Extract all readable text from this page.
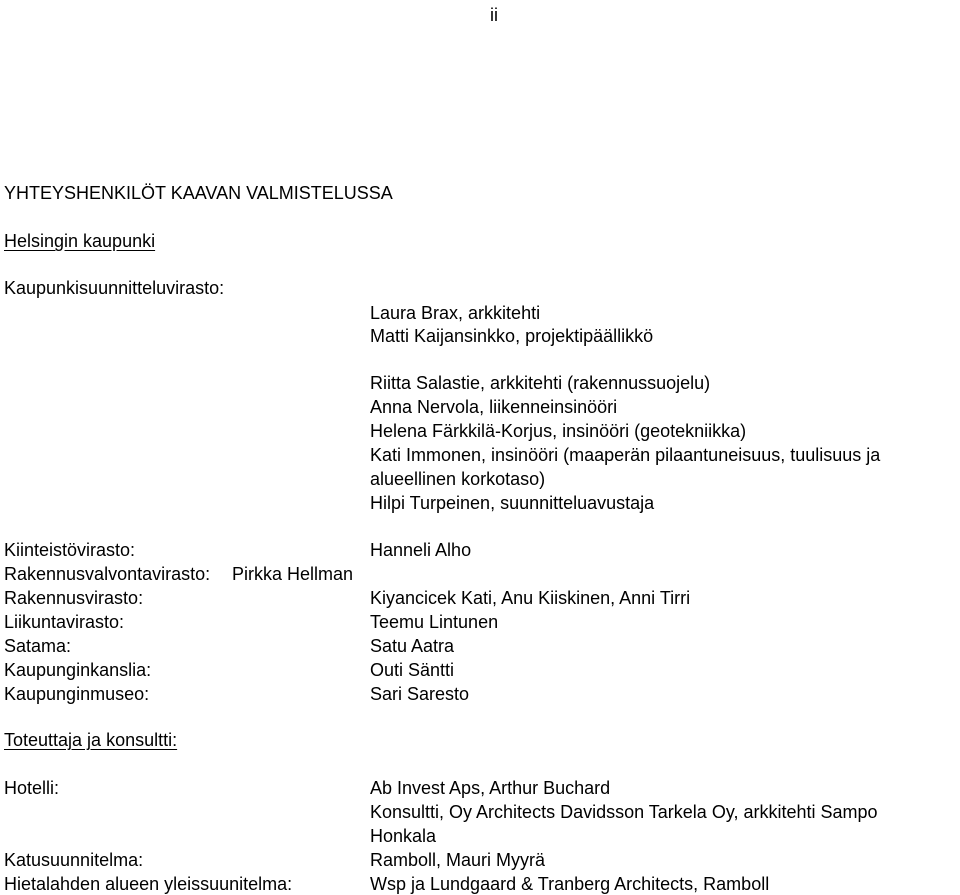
ii
YHTEYSHENKILÖT KAAVAN VALMISTELUSSA
Helsingin kaupunki
Kaupunkisuunnitteluvirasto:
Laura Brax, arkkitehti
Matti Kaijansinkko, projektipäällikkö
Riitta Salastie, arkkitehti (rakennussuojelu)
Anna Nervola, liikenneinsinööri
Helena Färkkilä-Korjus, insinööri (geotekniikka)
Kati Immonen, insinööri (maaperän pilaantuneisuus, tuulisuus ja
alueellinen korkotaso)
Hilpi Turpeinen, suunnitteluavustaja
Kiinteistövirasto:	Hanneli Alho
Rakennusvalvontavirasto: Pirkka Hellman
Rakennusvirasto:	Kiyancicek Kati, Anu Kiiskinen, Anni Tirri
Liikuntavirasto:	Teemu Lintunen
Satama:	Satu Aatra
Kaupunginkanslia:	Outi Säntti
Kaupunginmuseo:	Sari Saresto
Toteuttaja ja konsultti:
Hotelli:	Ab Invest Aps, Arthur Buchard
Konsultti, Oy Architects Davidsson Tarkela Oy, arkkitehti Sampo
Honkala
Katusuunnitelma:	Ramboll, Mauri Myyrä
Hietalahden alueen yleissuunitelma:	Wsp ja Lundgaard & Tranberg Architects, Ramboll
